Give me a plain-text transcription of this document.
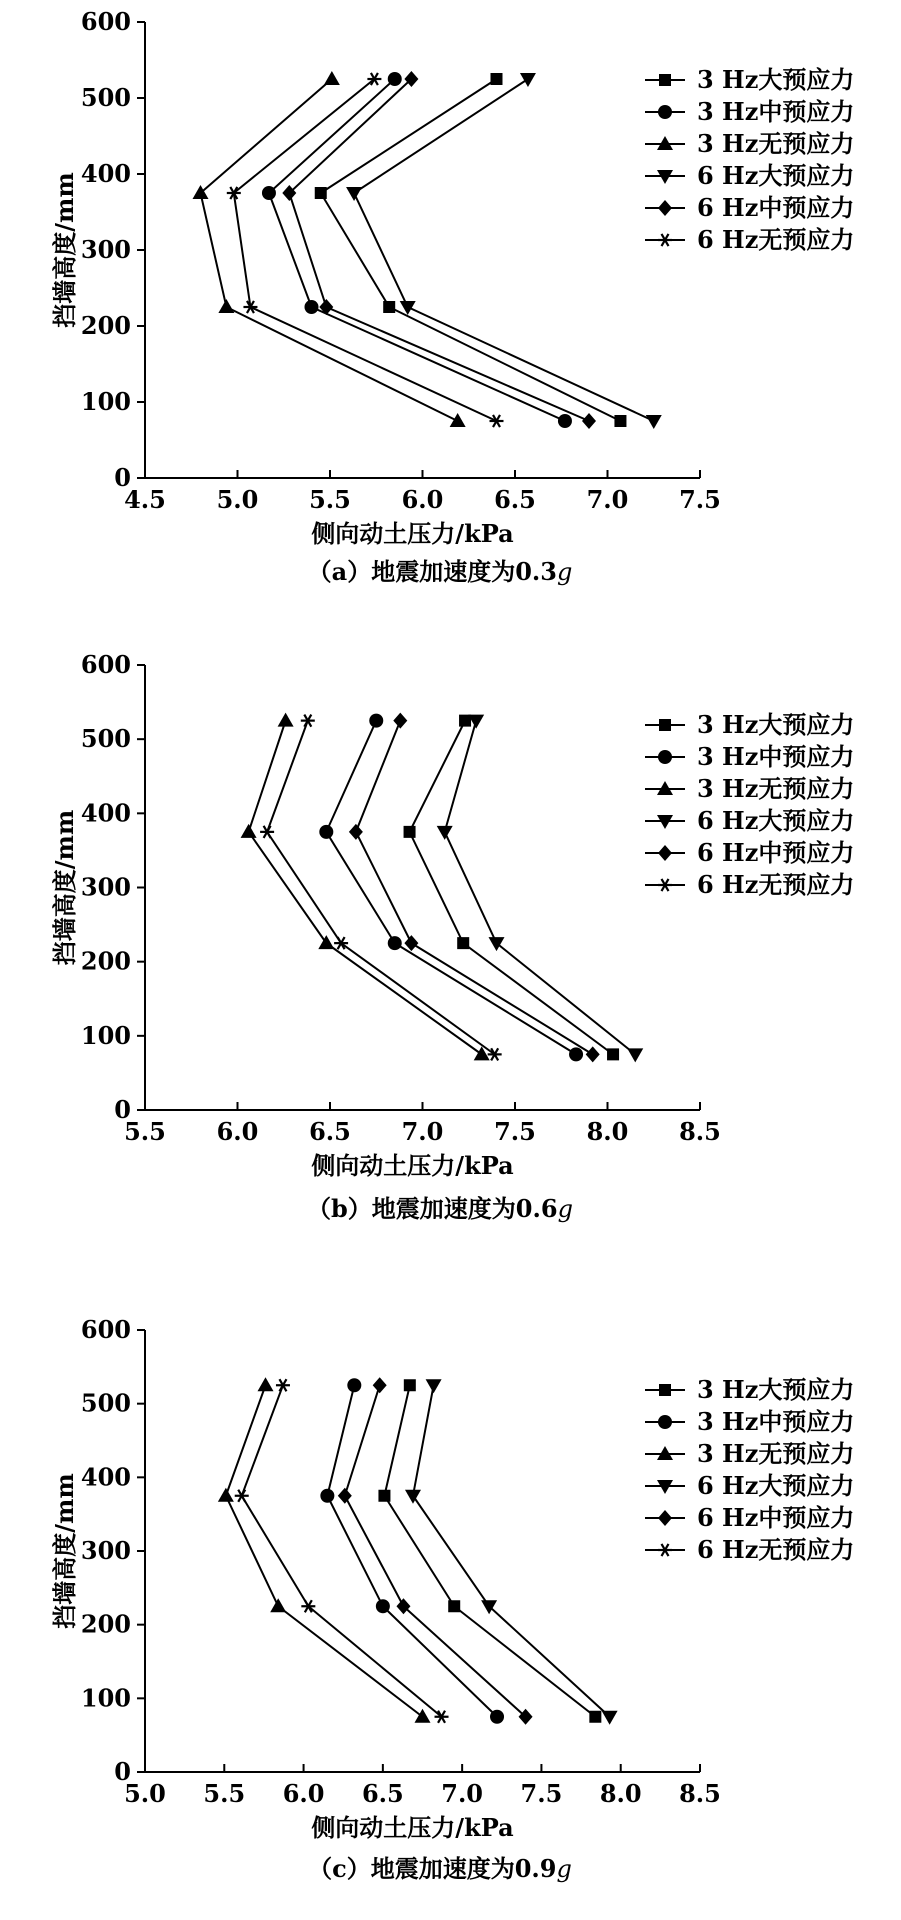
4.5 5.0 5.5 6.0 6.5 7.0 7.5
0
100
200
300
400
500
600
侧向动土压力/kPa
挡墙高度/mm
3 Hz大预应力
3 Hz中预应力
3 Hz无预应力
6 Hz大预应力
6 Hz中预应力
6 Hz无预应力
（a）地震加速度为0.3g
5.5 6.0 6.5 7.0 7.5 8.0 8.5
0
100
200
300
400
500
600
侧向动土压力/kPa
挡墙高度/mm
3 Hz大预应力
3 Hz中预应力
3 Hz无预应力
6 Hz大预应力
6 Hz中预应力
6 Hz无预应力
（b）地震加速度为0.6g
5.0 5.5 6.0 6.5 7.0 7.5 8.0 8.5
0
100
200
300
400
500
600
侧向动土压力/kPa
挡墙高度/mm
3 Hz大预应力
3 Hz中预应力
3 Hz无预应力
6 Hz大预应力
6 Hz中预应力
6 Hz无预应力
（c）地震加速度为0.9g
